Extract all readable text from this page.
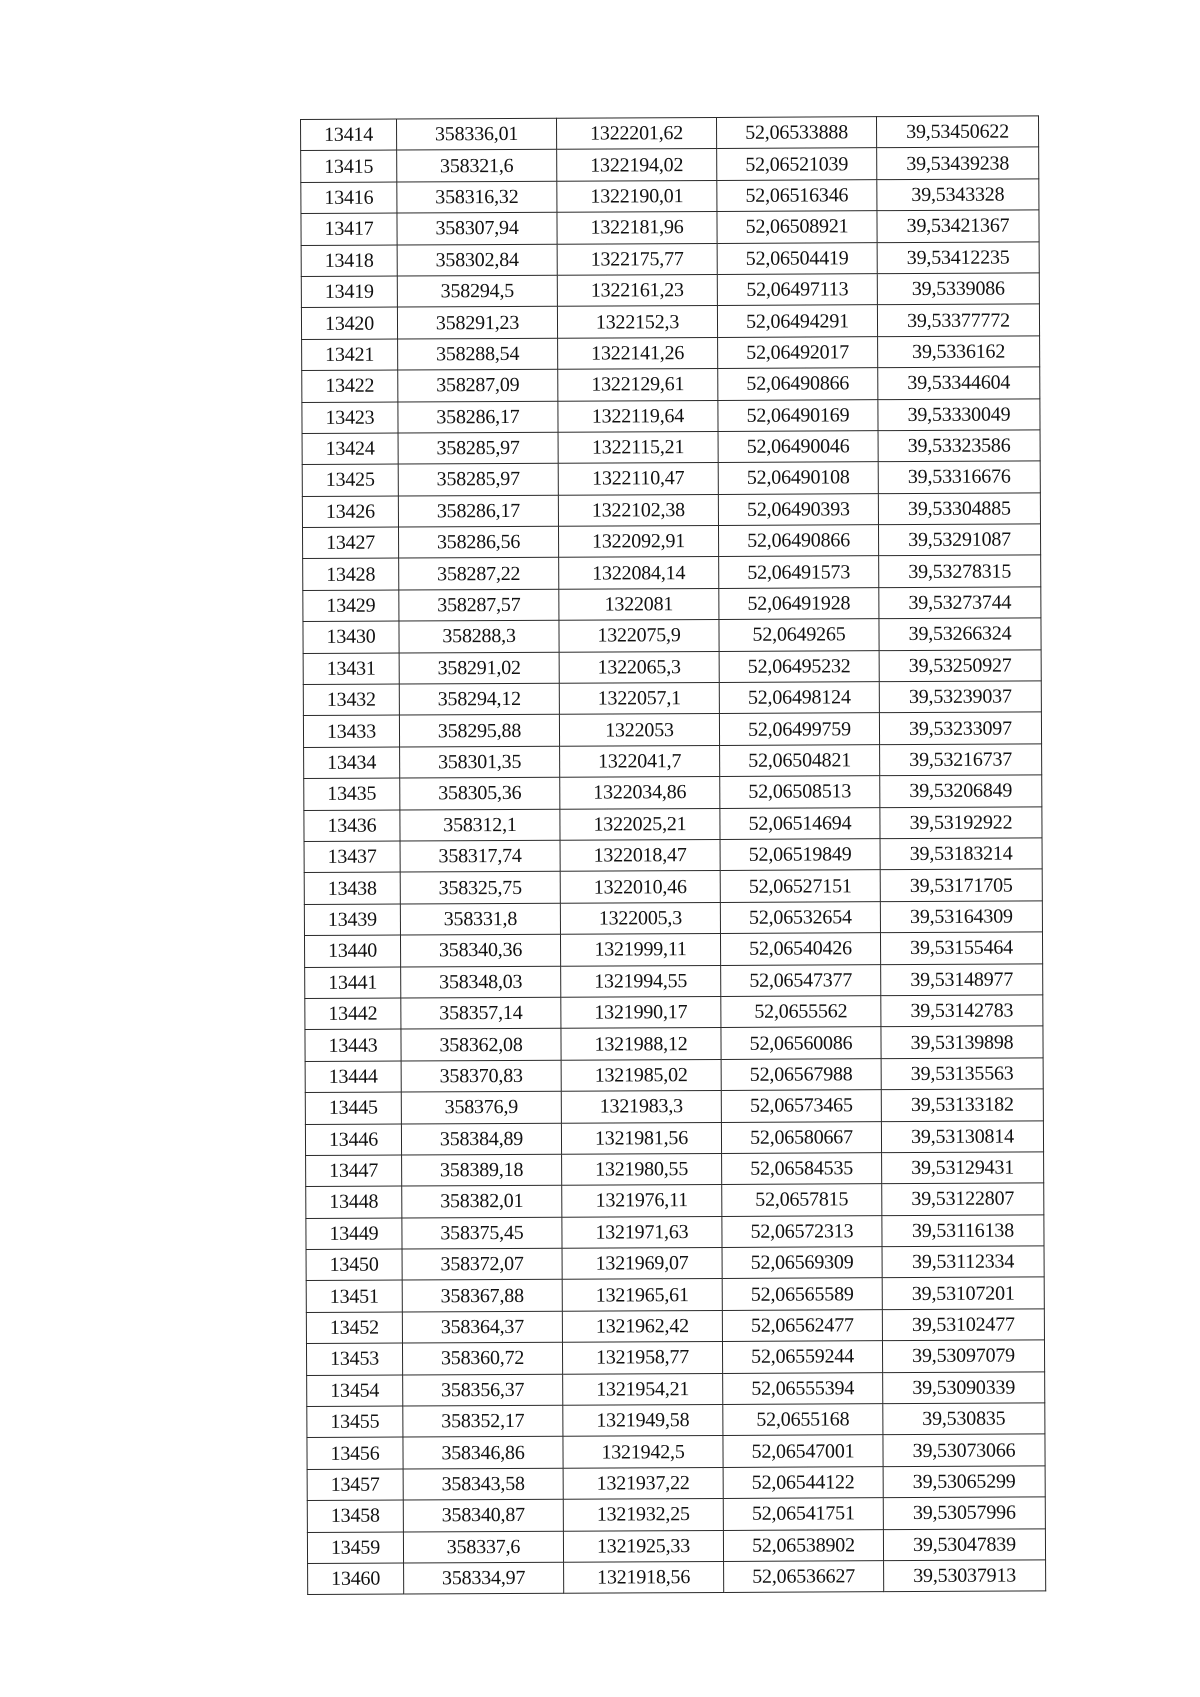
13414	358336,01	1322201,62	52,06533888	39,53450622
13415	358321,6	1322194,02	52,06521039	39,53439238
13416	358316,32	1322190,01	52,06516346	39,5343328
13417	358307,94	1322181,96	52,06508921	39,53421367
13418	358302,84	1322175,77	52,06504419	39,53412235
13419	358294,5	1322161,23	52,06497113	39,5339086
13420	358291,23	1322152,3	52,06494291	39,53377772
13421	358288,54	1322141,26	52,06492017	39,5336162
13422	358287,09	1322129,61	52,06490866	39,53344604
13423	358286,17	1322119,64	52,06490169	39,53330049
13424	358285,97	1322115,21	52,06490046	39,53323586
13425	358285,97	1322110,47	52,06490108	39,53316676
13426	358286,17	1322102,38	52,06490393	39,53304885
13427	358286,56	1322092,91	52,06490866	39,53291087
13428	358287,22	1322084,14	52,06491573	39,53278315
13429	358287,57	1322081	52,06491928	39,53273744
13430	358288,3	1322075,9	52,0649265	39,53266324
13431	358291,02	1322065,3	52,06495232	39,53250927
13432	358294,12	1322057,1	52,06498124	39,53239037
13433	358295,88	1322053	52,06499759	39,53233097
13434	358301,35	1322041,7	52,06504821	39,53216737
13435	358305,36	1322034,86	52,06508513	39,53206849
13436	358312,1	1322025,21	52,06514694	39,53192922
13437	358317,74	1322018,47	52,06519849	39,53183214
13438	358325,75	1322010,46	52,06527151	39,53171705
13439	358331,8	1322005,3	52,06532654	39,53164309
13440	358340,36	1321999,11	52,06540426	39,53155464
13441	358348,03	1321994,55	52,06547377	39,53148977
13442	358357,14	1321990,17	52,0655562	39,53142783
13443	358362,08	1321988,12	52,06560086	39,53139898
13444	358370,83	1321985,02	52,06567988	39,53135563
13445	358376,9	1321983,3	52,06573465	39,53133182
13446	358384,89	1321981,56	52,06580667	39,53130814
13447	358389,18	1321980,55	52,06584535	39,53129431
13448	358382,01	1321976,11	52,0657815	39,53122807
13449	358375,45	1321971,63	52,06572313	39,53116138
13450	358372,07	1321969,07	52,06569309	39,53112334
13451	358367,88	1321965,61	52,06565589	39,53107201
13452	358364,37	1321962,42	52,06562477	39,53102477
13453	358360,72	1321958,77	52,06559244	39,53097079
13454	358356,37	1321954,21	52,06555394	39,53090339
13455	358352,17	1321949,58	52,0655168	39,530835
13456	358346,86	1321942,5	52,06547001	39,53073066
13457	358343,58	1321937,22	52,06544122	39,53065299
13458	358340,87	1321932,25	52,06541751	39,53057996
13459	358337,6	1321925,33	52,06538902	39,53047839
13460	358334,97	1321918,56	52,06536627	39,53037913
